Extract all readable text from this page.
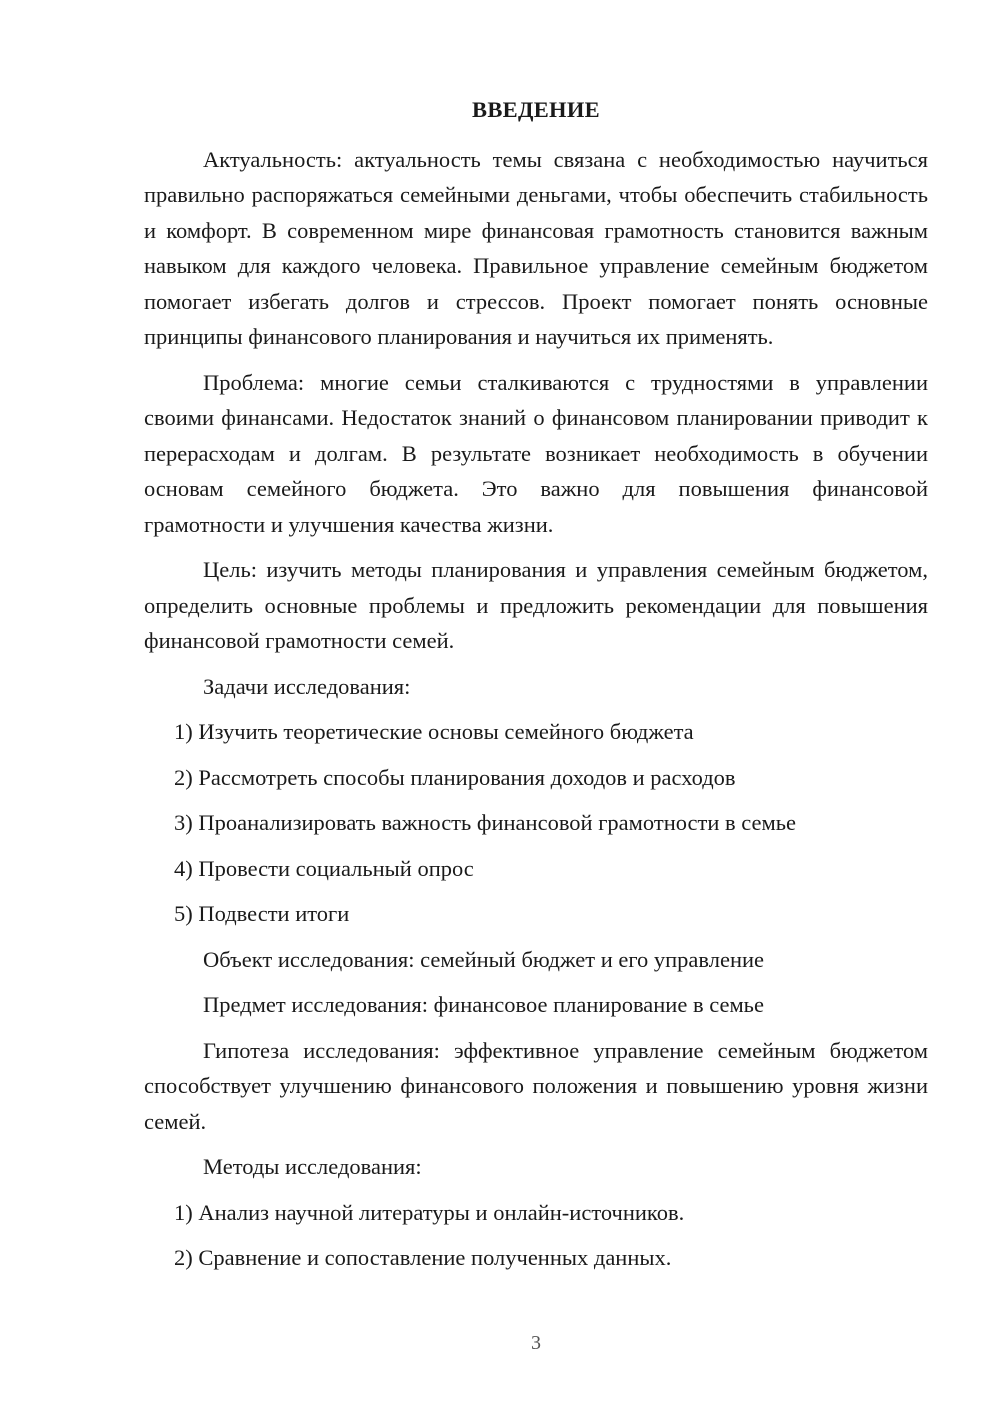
ВВЕДЕНИЕ

Актуальность: актуальность темы связана с необходимостью научиться правильно распоряжаться семейными деньгами, чтобы обеспечить стабильность и комфорт. В современном мире финансовая грамотность становится важным навыком для каждого человека. Правильное управление семейным бюджетом помогает избегать долгов и стрессов. Проект помогает понять основные принципы финансового планирования и научиться их применять.

Проблема: многие семьи сталкиваются с трудностями в управлении своими финансами. Недостаток знаний о финансовом планировании приводит к перерасходам и долгам. В результате возникает необходимость в обучении основам семейного бюджета. Это важно для повышения финансовой грамотности и улучшения качества жизни.

Цель: изучить методы планирования и управления семейным бюджетом, определить основные проблемы и предложить рекомендации для повышения финансовой грамотности семей.

Задачи исследования:
1) Изучить теоретические основы семейного бюджета
2) Рассмотреть способы планирования доходов и расходов
3) Проанализировать важность финансовой грамотности в семье
4) Провести социальный опрос
5) Подвести итоги
Объект исследования: семейный бюджет и его управление
Предмет исследования: финансовое планирование в семье

Гипотеза исследования: эффективное управление семейным бюджетом способствует улучшению финансового положения и повышению уровня жизни семей.

Методы исследования:
1) Анализ научной литературы и онлайн-источников.
2) Сравнение и сопоставление полученных данных.
3
